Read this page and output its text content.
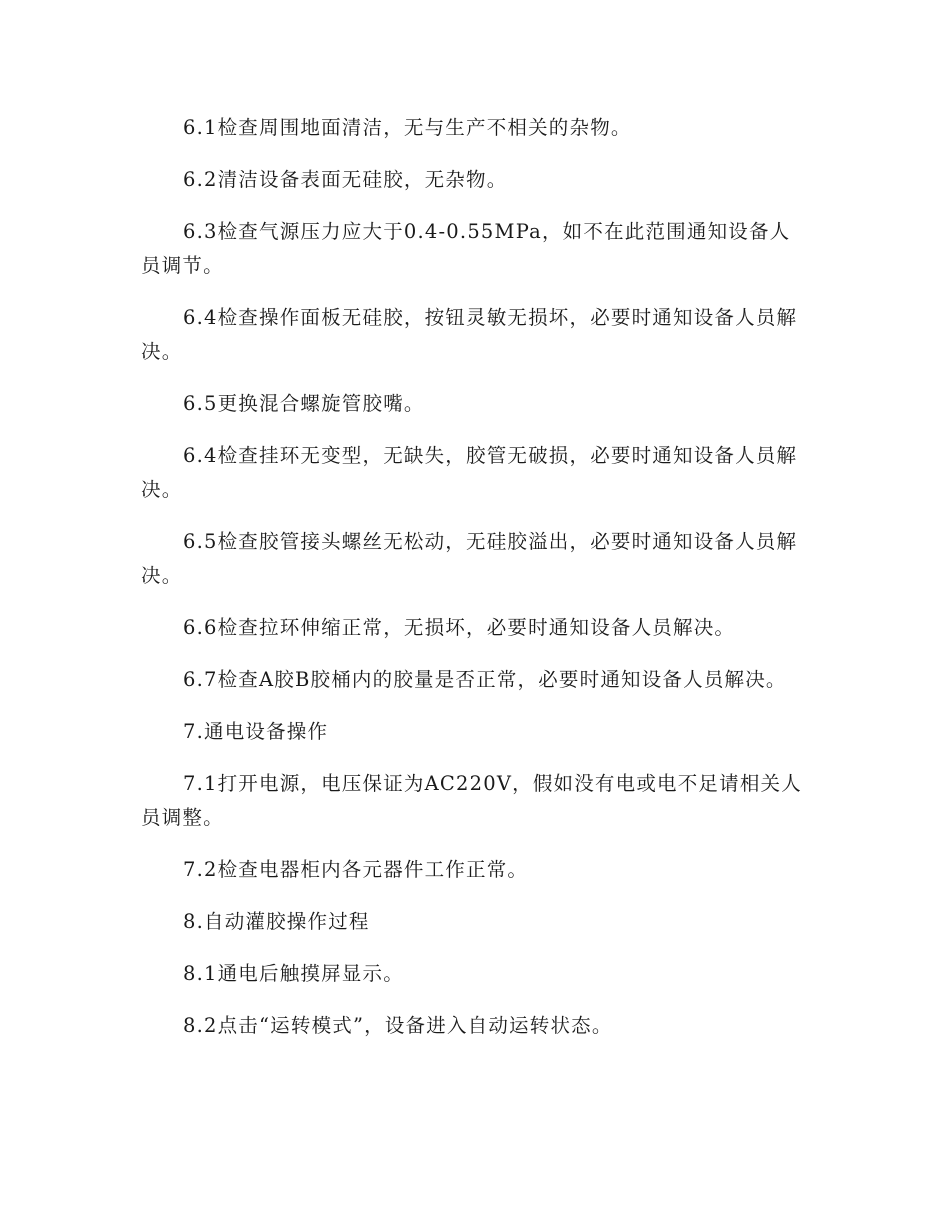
6.1检查周围地面清洁，无与生产不相关的杂物。

6.2清洁设备表面无硅胶，无杂物。

6.3检查气源压力应大于0.4-0.55MPa，如不在此范围通知设备人员调节。

6.4检查操作面板无硅胶，按钮灵敏无损坏，必要时通知设备人员解决。

6.5更换混合螺旋管胶嘴。

6.4检查挂环无变型，无缺失，胶管无破损，必要时通知设备人员解决。

6.5检查胶管接头螺丝无松动，无硅胶溢出，必要时通知设备人员解决。

6.6检查拉环伸缩正常，无损坏，必要时通知设备人员解决。

6.7检查A胶B胶桶内的胶量是否正常，必要时通知设备人员解决。

7.通电设备操作

7.1打开电源，电压保证为AC220V，假如没有电或电不足请相关人员调整。

7.2检查电器柜内各元器件工作正常。

8.自动灌胶操作过程

8.1通电后触摸屏显示。

8.2点击“运转模式”，设备进入自动运转状态。
